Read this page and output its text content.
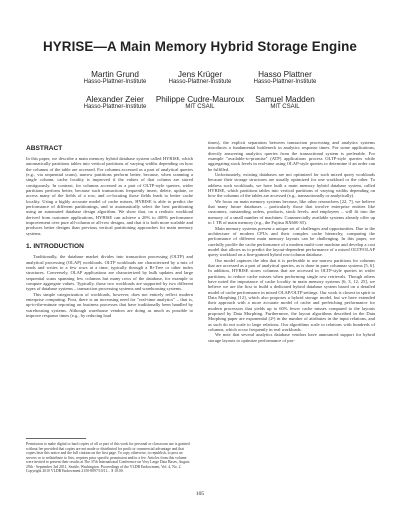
HYRISE—A Main Memory Hybrid Storage Engine
Martin Grund
Hasso-Plattner-Institute
Jens Krüger
Hasso-Plattner-Institute
Hasso Plattner
Hasso-Plattner-Institute
Alexander Zeier
Hasso-Plattner-Institute
Philippe Cudre-Mauroux
MIT CSAIL
Samuel Madden
MIT CSAIL
ABSTRACT

In this paper, we describe a main memory hybrid database system called HYRISE, which automatically partitions tables into vertical partitions of varying widths depending on how the columns of the table are accessed. For columns accessed as a part of analytical queries (e.g., via sequential scans), narrow partitions perform better, because, when scanning a single column, cache locality is improved if the values of that column are stored contiguously. In contrast, for columns accessed as a part of OLTP-style queries, wider partitions perform better, because such transactions frequently insert, delete, update, or access many of the fields of a row, and co-locating those fields leads to better cache locality. Using a highly accurate model of cache misses, HYRISE is able to predict the performance of different partitionings, and to automatically select the best partitioning using an automated database design algorithm. We show that, on a realistic workload derived from customer applications, HYRISE can achieve a 20% to 400% performance improvement over pure all-column or all-row designs, and that it is both more scalable and produces better designs than previous vertical partitioning approaches for main memory systems.

1. INTRODUCTION

Traditionally, the database market divides into transaction processing (OLTP) and analytical processing (OLAP) workloads. OLTP workloads are characterized by a mix of reads and writes to a few rows at a time, typically through a B+Tree or other index structures. Conversely, OLAP applications are characterized by bulk updates and large sequential scans spanning few columns but many rows of the database, for example to compute aggregate values. Typically, those two workloads are supported by two different types of database systems – transaction processing systems and warehousing systems.

This simple categorization of workloads, however, does not entirely reflect modern enterprise computing. First, there is an increasing need for "real-time analytics" – that is, up-to-the-minute reporting on business processes that have traditionally been handled by warehousing systems. Although warehouse vendors are doing as much as possible to improve response times (e.g., by reducing load

Permission to make digital or hard copies of all or part of this work for personal or classroom use is granted without fee provided that copies are not made or distributed for profit or commercial advantage and that copies bear this notice and the full citation on the first page. To copy otherwise, to republish, to post on servers or to redistribute to lists, requires prior specific permission and/or a fee. Articles from this volume were invited to present their results at The 37th International Conference on Very Large Data Bases, August 29th - September 3rd 2011, Seattle, Washington. Proceedings of the VLDB Endowment, Vol. 4, No. 2. Copyright 2010 VLDB Endowment 2150-8097/10/11... $ 10.00.

times), the explicit separation between transaction processing and analytics systems introduces a fundamental bottleneck in analytics response times. For some applications, directly answering analytics queries from the transactional system is preferable. For example "available-to-promise" (ATP) applications process OLTP-style queries while aggregating stock levels in real-time using OLAP-style queries to determine if an order can be fulfilled.

Unfortunately, existing databases are not optimized for such mixed query workloads because their storage structures are usually optimized for one workload or the other. To address such workloads, we have built a main memory hybrid database system, called HYRISE, which partitions tables into vertical partitions of varying widths depending on how the columns of the tables are accessed (e.g., transactionally or analytically).

We focus on main memory systems because, like other researchers [22, 7], we believe that many future databases – particularly those that involve enterprise entities like customers, outstanding orders, products, stock levels, and employees – will fit into the memory of a small number of machines. Commercially available systems already offer up to 1 TB of main memory (e.g., the Fujitsu RX600 S5).

Main memory systems present a unique set of challenges and opportunities. Due to the architecture of modern CPUs and their complex cache hierarchy, comparing the performance of different main memory layouts can be challenging. In this paper, we carefully profile the cache performance of a modern multi-core machine and develop a cost model that allows us to predict the layout-dependent performance of a mixed OLTP/OLAP query workload on a fine-grained hybrid row/column database.

Our model captures the idea that it is preferable to use narrow partitions for columns that are accessed as a part of analytical queries, as is done in pure columnar systems [5, 6]. In addition, HYRISE stores columns that are accessed in OLTP-style queries in wider partitions, to reduce cache misses when performing single row retrievals. Though others have noted the importance of cache locality in main memory systems [6, 3, 12, 25], we believe we are the first to build a dedicated hybrid database system based on a detailed model of cache performance in mixed OLAP/OLTP settings. Our work is closest in spirit to Data Morphing [12], which also proposes a hybrid storage model, but we have extended their approach with a more accurate model of cache and prefetching performance for modern processors that yields up to 60% fewer cache misses compared to the layouts proposed by Data Morphing. Furthermore, the layout algorithms described in the Data Morphing paper are exponential (2ⁿ) in the number of attributes in the input relations, and as such do not scale to large relations. Our algorithms scale to relations with hundreds of columns, which occur frequently in real workloads.

We note that several analytics database vendors have announced support for hybrid storage layouts to optimize performance of par-

105
